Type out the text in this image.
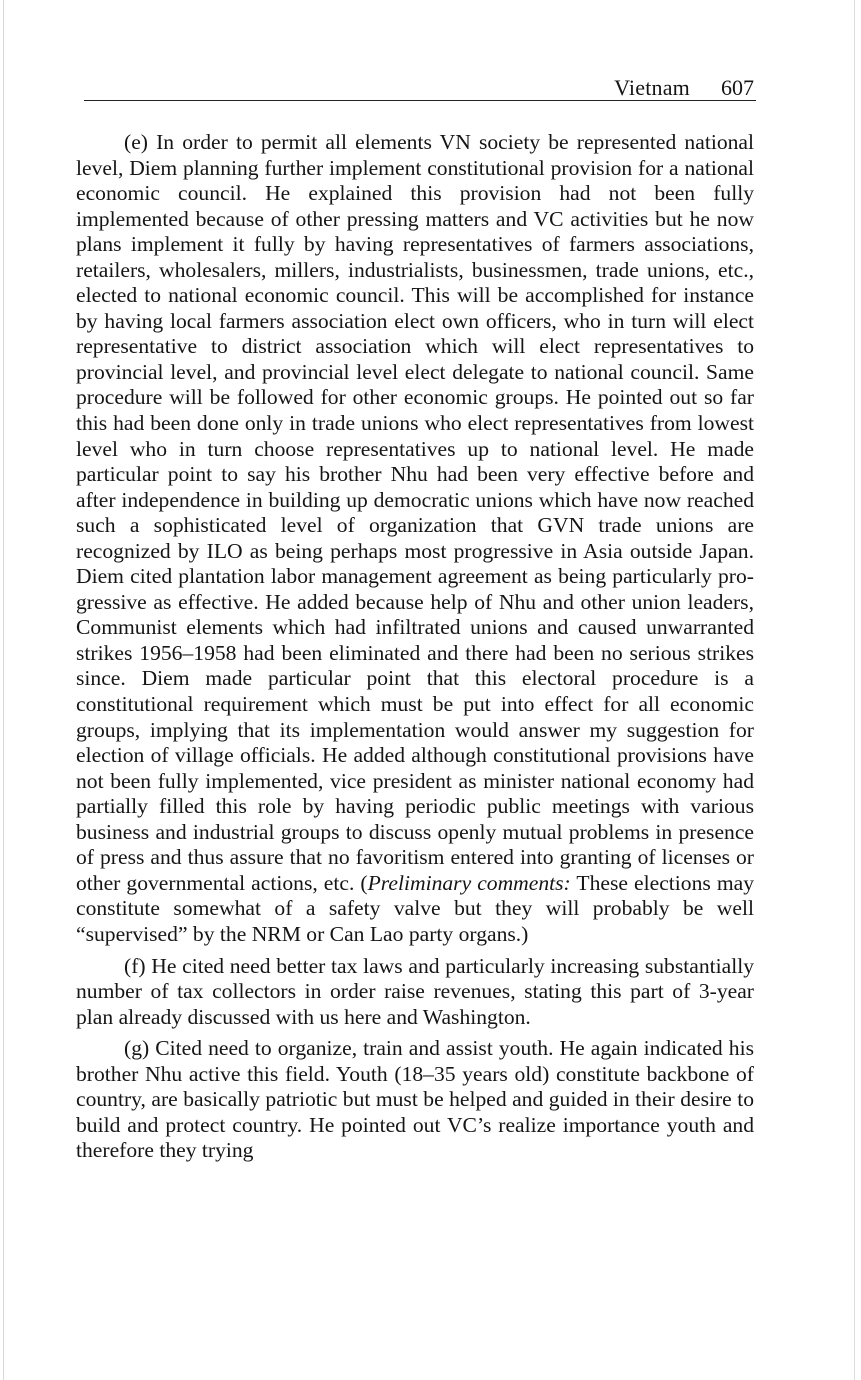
Vietnam 607

(e) In order to permit all elements VN society be represented national level, Diem planning further implement constitutional provision for a national economic council. He explained this provision had not been fully implemented because of other pressing matters and VC activities but he now plans implement it fully by having representatives of farmers associations, retailers, wholesalers, millers, industrialists, businessmen, trade unions, etc., elected to national economic council. This will be accomplished for instance by having local farmers association elect own officers, who in turn will elect representative to district association which will elect representatives to provincial level, and provincial level elect delegate to national council. Same procedure will be followed for other economic groups. He pointed out so far this had been done only in trade unions who elect representatives from lowest level who in turn choose representatives up to national level. He made particular point to say his brother Nhu had been very effective before and after independence in building up democratic unions which have now reached such a sophisticated level of organization that GVN trade unions are recognized by ILO as being perhaps most progressive in Asia outside Japan. Diem cited plantation labor management agreement as being particularly progressive as effective. He added because help of Nhu and other union leaders, Communist elements which had infiltrated unions and caused unwarranted strikes 1956–1958 had been eliminated and there had been no serious strikes since. Diem made particular point that this electoral procedure is a constitutional requirement which must be put into effect for all economic groups, implying that its implementation would answer my suggestion for election of village officials. He added although constitutional provisions have not been fully implemented, vice president as minister national economy had partially filled this role by having periodic public meetings with various business and industrial groups to discuss openly mutual problems in presence of press and thus assure that no favoritism entered into granting of licenses or other governmental actions, etc. (Preliminary comments: These elections may constitute somewhat of a safety valve but they will probably be well “supervised” by the NRM or Can Lao party organs.)

(f) He cited need better tax laws and particularly increasing substantially number of tax collectors in order raise revenues, stating this part of 3-year plan already discussed with us here and Washington.

(g) Cited need to organize, train and assist youth. He again indicated his brother Nhu active this field. Youth (18–35 years old) constitute backbone of country, are basically patriotic but must be helped and guided in their desire to build and protect country. He pointed out VC’s realize importance youth and therefore they trying
